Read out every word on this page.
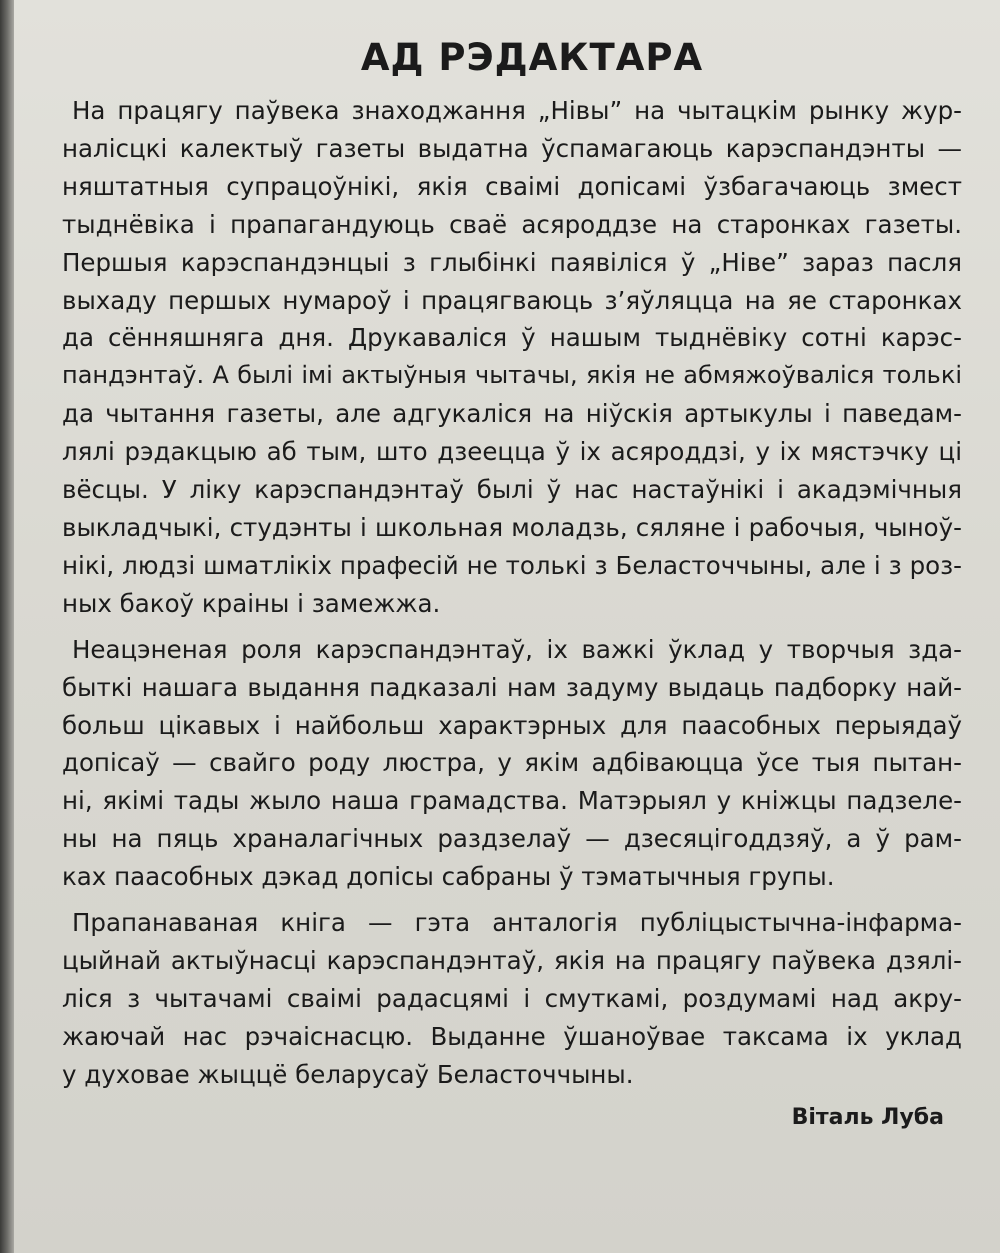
АД РЭДАКТАРА
На працягу паўвека знаходжання „Нівы” на чытацкім рынку жур-
налісцкі калектыў газеты выдатна ўспамагаюць карэспандэнты —
няштатныя супрацоўнікі, якія сваімі допісамі ўзбагачаюць змест
тыднёвіка і прапагандуюць сваё асяроддзе на старонках газеты.
Першыя карэспандэнцыі з глыбінкі паявіліся ў „Ніве” зараз пасля
выхаду першых нумароў і працягваюць з’яўляцца на яе старонках
да сённяшняга дня. Друкаваліся ў нашым тыднёвіку сотні карэс-
пандэнтаў. А былі імі актыўныя чытачы, якія не абмяжоўваліся толькі
да чытання газеты, але адгукаліся на ніўскія артыкулы і паведам-
лялі рэдакцыю аб тым, што дзеецца ў іх асяроддзі, у іх мястэчку ці
вёсцы. У ліку карэспандэнтаў былі ў нас настаўнікі і акадэмічныя
выкладчыкі, студэнты і школьная моладзь, сяляне і рабочыя, чыноў-
нікі, людзі шматлікіх прафесій не толькі з Беласточчыны, але і з роз-
ных бакоў краіны і замежжа.
Неацэненая роля карэспандэнтаў, іх важкі ўклад у творчыя зда-
быткі нашага выдання падказалі нам задуму выдаць падборку най-
больш цікавых і найбольш характэрных для паасобных перыядаў
допісаў — свайго роду люстра, у якім адбіваюцца ўсе тыя пытан-
ні, якімі тады жыло наша грамадства. Матэрыял у кніжцы падзеле-
ны на пяць храналагічных раздзелаў — дзесяцігоддзяў, а ў рам-
ках паасобных дэкад допісы сабраны ў тэматычныя групы.
Прапанаваная кніга — гэта анталогія публіцыстычна-інфарма-
цыйнай актыўнасці карэспандэнтаў, якія на працягу паўвека дзялі-
ліся з чытачамі сваімі радасцямі і смуткамі, роздумамі над акру-
жаючай нас рэчаіснасцю. Выданне ўшаноўвае таксама іх уклад
у духовае жыццё беларусаў Беласточчыны.
Віталь Луба
